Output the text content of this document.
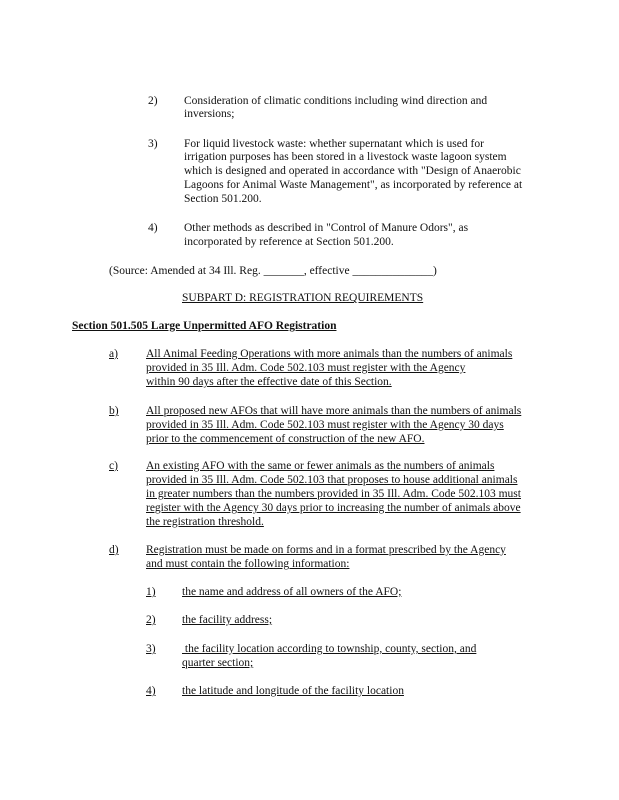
2) Consideration of climatic conditions including wind direction and
inversions;
3) For liquid livestock waste: whether supernatant which is used for
irrigation purposes has been stored in a livestock waste lagoon system
which is designed and operated in accordance with "Design of Anaerobic
Lagoons for Animal Waste Management", as incorporated by reference at
Section 501.200.
4) Other methods as described in "Control of Manure Odors", as
incorporated by reference at Section 501.200.
(Source: Amended at 34 Ill. Reg. _______, effective ______________)
SUBPART D: REGISTRATION REQUIREMENTS
Section 501.505 Large Unpermitted AFO Registration
a) All Animal Feeding Operations with more animals than the numbers of animals
provided in 35 Ill. Adm. Code 502.103 must register with the Agency
within 90 days after the effective date of this Section.
b) All proposed new AFOs that will have more animals than the numbers of animals
provided in 35 Ill. Adm. Code 502.103 must register with the Agency 30 days
prior to the commencement of construction of the new AFO.
c) An existing AFO with the same or fewer animals as the numbers of animals
provided in 35 Ill. Adm. Code 502.103 that proposes to house additional animals
in greater numbers than the numbers provided in 35 Ill. Adm. Code 502.103 must
register with the Agency 30 days prior to increasing the number of animals above
the registration threshold.
d) Registration must be made on forms and in a format prescribed by the Agency
and must contain the following information:
1) the name and address of all owners of the AFO;
2) the facility address;
3) the facility location according to township, county, section, and
quarter section;
4) the latitude and longitude of the facility location
